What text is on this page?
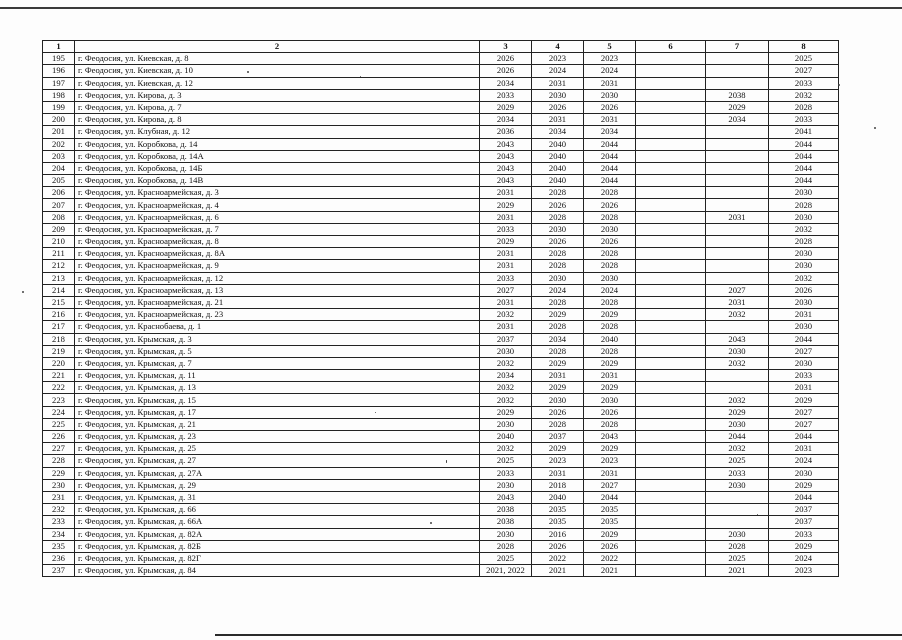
1	2	3	4	5	6	7	8
195	г. Феодосия, ул. Киевская, д. 8	2026	2023	2023			2025
196	г. Феодосия, ул. Киевская, д. 10	2026	2024	2024			2027
197	г. Феодосия, ул. Киевская, д. 12	2034	2031	2031			2033
198	г. Феодосия, ул. Кирова, д. 3	2033	2030	2030		2038	2032
199	г. Феодосия, ул. Кирова, д. 7	2029	2026	2026		2029	2028
200	г. Феодосия, ул. Кирова, д. 8	2034	2031	2031		2034	2033
201	г. Феодосия, ул. Клубная, д. 12	2036	2034	2034			2041
202	г. Феодосия, ул. Коробкова, д. 14	2043	2040	2044			2044
203	г. Феодосия, ул. Коробкова, д. 14А	2043	2040	2044			2044
204	г. Феодосия, ул. Коробкова, д. 14Б	2043	2040	2044			2044
205	г. Феодосия, ул. Коробкова, д. 14В	2043	2040	2044			2044
206	г. Феодосия, ул. Красноармейская, д. 3	2031	2028	2028			2030
207	г. Феодосия, ул. Красноармейская, д. 4	2029	2026	2026			2028
208	г. Феодосия, ул. Красноармейская, д. 6	2031	2028	2028		2031	2030
209	г. Феодосия, ул. Красноармейская, д. 7	2033	2030	2030			2032
210	г. Феодосия, ул. Красноармейская, д. 8	2029	2026	2026			2028
211	г. Феодосия, ул. Красноармейская, д. 8А	2031	2028	2028			2030
212	г. Феодосия, ул. Красноармейская, д. 9	2031	2028	2028			2030
213	г. Феодосия, ул. Красноармейская, д. 12	2033	2030	2030			2032
214	г. Феодосия, ул. Красноармейская, д. 13	2027	2024	2024		2027	2026
215	г. Феодосия, ул. Красноармейская, д. 21	2031	2028	2028		2031	2030
216	г. Феодосия, ул. Красноармейская, д. 23	2032	2029	2029		2032	2031
217	г. Феодосия, ул. Краснобаева, д. 1	2031	2028	2028			2030
218	г. Феодосия, ул. Крымская, д. 3	2037	2034	2040		2043	2044
219	г. Феодосия, ул. Крымская, д. 5	2030	2028	2028		2030	2027
220	г. Феодосия, ул. Крымская, д. 7	2032	2029	2029		2032	2030
221	г. Феодосия, ул. Крымская, д. 11	2034	2031	2031			2033
222	г. Феодосия, ул. Крымская, д. 13	2032	2029	2029			2031
223	г. Феодосия, ул. Крымская, д. 15	2032	2030	2030		2032	2029
224	г. Феодосия, ул. Крымская, д. 17	2029	2026	2026		2029	2027
225	г. Феодосия, ул. Крымская, д. 21	2030	2028	2028		2030	2027
226	г. Феодосия, ул. Крымская, д. 23	2040	2037	2043		2044	2044
227	г. Феодосия, ул. Крымская, д. 25	2032	2029	2029		2032	2031
228	г. Феодосия, ул. Крымская, д. 27	2025	2023	2023		2025	2024
229	г. Феодосия, ул. Крымская, д. 27А	2033	2031	2031		2033	2030
230	г. Феодосия, ул. Крымская, д. 29	2030	2018	2027		2030	2029
231	г. Феодосия, ул. Крымская, д. 31	2043	2040	2044			2044
232	г. Феодосия, ул. Крымская, д. 66	2038	2035	2035			2037
233	г. Феодосия, ул. Крымская, д. 66А	2038	2035	2035			2037
234	г. Феодосия, ул. Крымская, д. 82А	2030	2016	2029		2030	2033
235	г. Феодосия, ул. Крымская, д. 82Б	2028	2026	2026		2028	2029
236	г. Феодосия, ул. Крымская, д. 82Г	2025	2022	2022		2025	2024
237	г. Феодосия, ул. Крымская, д. 84	2021, 2022	2021	2021		2021	2023
